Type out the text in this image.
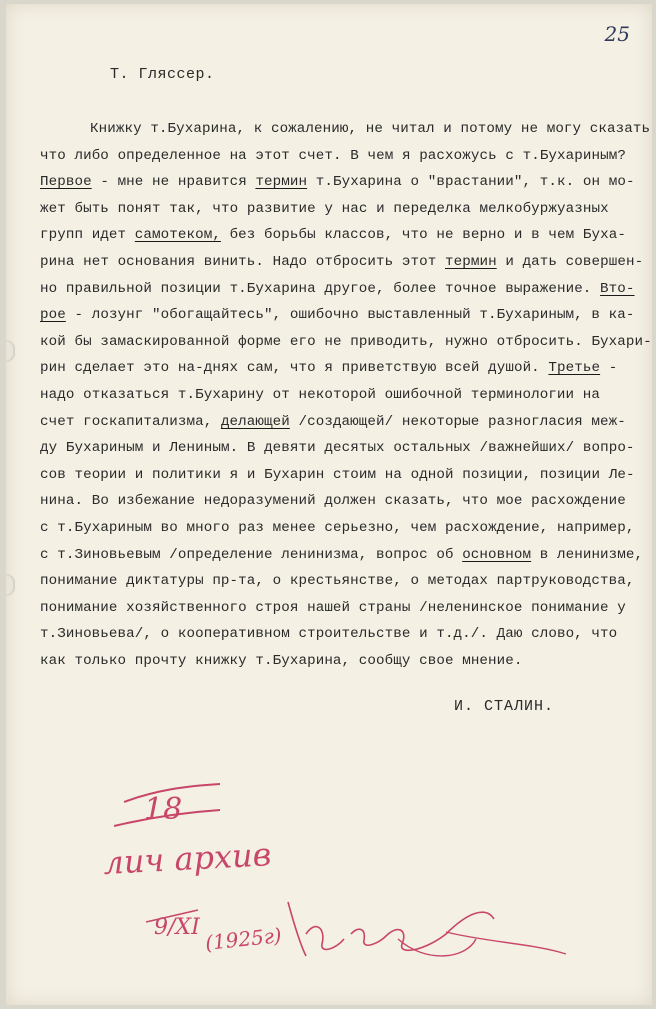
25
Т. Гляссер.
Книжку т.Бухарина, к сожалению, не читал и потому не могу сказать
что либо определенное на этот счет. В чем я расхожусь с т.Бухариным?
Первое - мне не нравится термин т.Бухарина о "врастании", т.к. он мо-
жет быть понят так, что развитие у нас и переделка мелкобуржуазных
групп идет самотеком, без борьбы классов, что не верно и в чем Буха-
рина нет основания винить. Надо отбросить этот термин и дать совершен-
но правильной позиции т.Бухарина другое, более точное выражение. Вто-
рое - лозунг "обогащайтесь", ошибочно выставленный т.Бухариным, в ка-
кой бы замаскированной форме его не приводить, нужно отбросить. Бухари-
рин сделает это на-днях сам, что я приветствую всей душой. Третье -
надо отказаться т.Бухарину от некоторой ошибочной терминологии на
счет госкапитализма, делающей /создающей/ некоторые разногласия меж-
ду Бухариным и Лениным. В девяти десятых остальных /важнейших/ вопро-
сов теории и политики я и Бухарин стоим на одной позиции, позиции Ле-
нина. Во избежание недоразумений должен сказать, что мое расхождение
с т.Бухариным во много раз менее серьезно, чем расхождение, например,
с т.Зиновьевым /определение ленинизма, вопрос об основном в ленинизме,
понимание диктатуры пр-та, о крестьянстве, о методах партруководства,
понимание хозяйственного строя нашей страны /неленинское понимание у
т.Зиновьева/, о кооперативном строительстве и т.д./. Даю слово, что
как только прочту книжку т.Бухарина, сообщу свое мнение.
И. СТАЛИН.
18
лич архив
9/XI (1925г)
